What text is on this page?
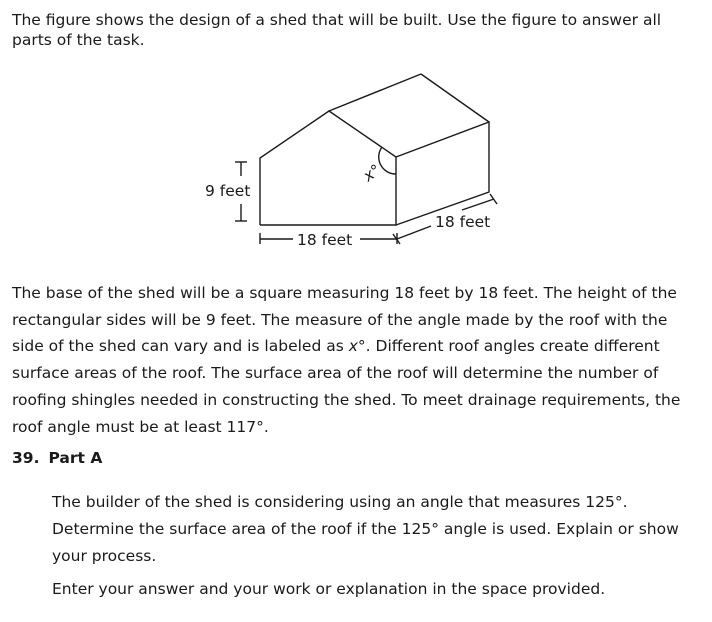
The figure shows the design of a shed that will be built. Use the figure to answer all parts of the task.

9 feet
18 feet
18 feet
x°

The base of the shed will be a square measuring 18 feet by 18 feet. The height of the rectangular sides will be 9 feet. The measure of the angle made by the roof with the side of the shed can vary and is labeled as x°. Different roof angles create different surface areas of the roof. The surface area of the roof will determine the number of roofing shingles needed in constructing the shed. To meet drainage requirements, the roof angle must be at least 117°.

39. Part A

The builder of the shed is considering using an angle that measures 125°. Determine the surface area of the roof if the 125° angle is used. Explain or show your process.

Enter your answer and your work or explanation in the space provided.
